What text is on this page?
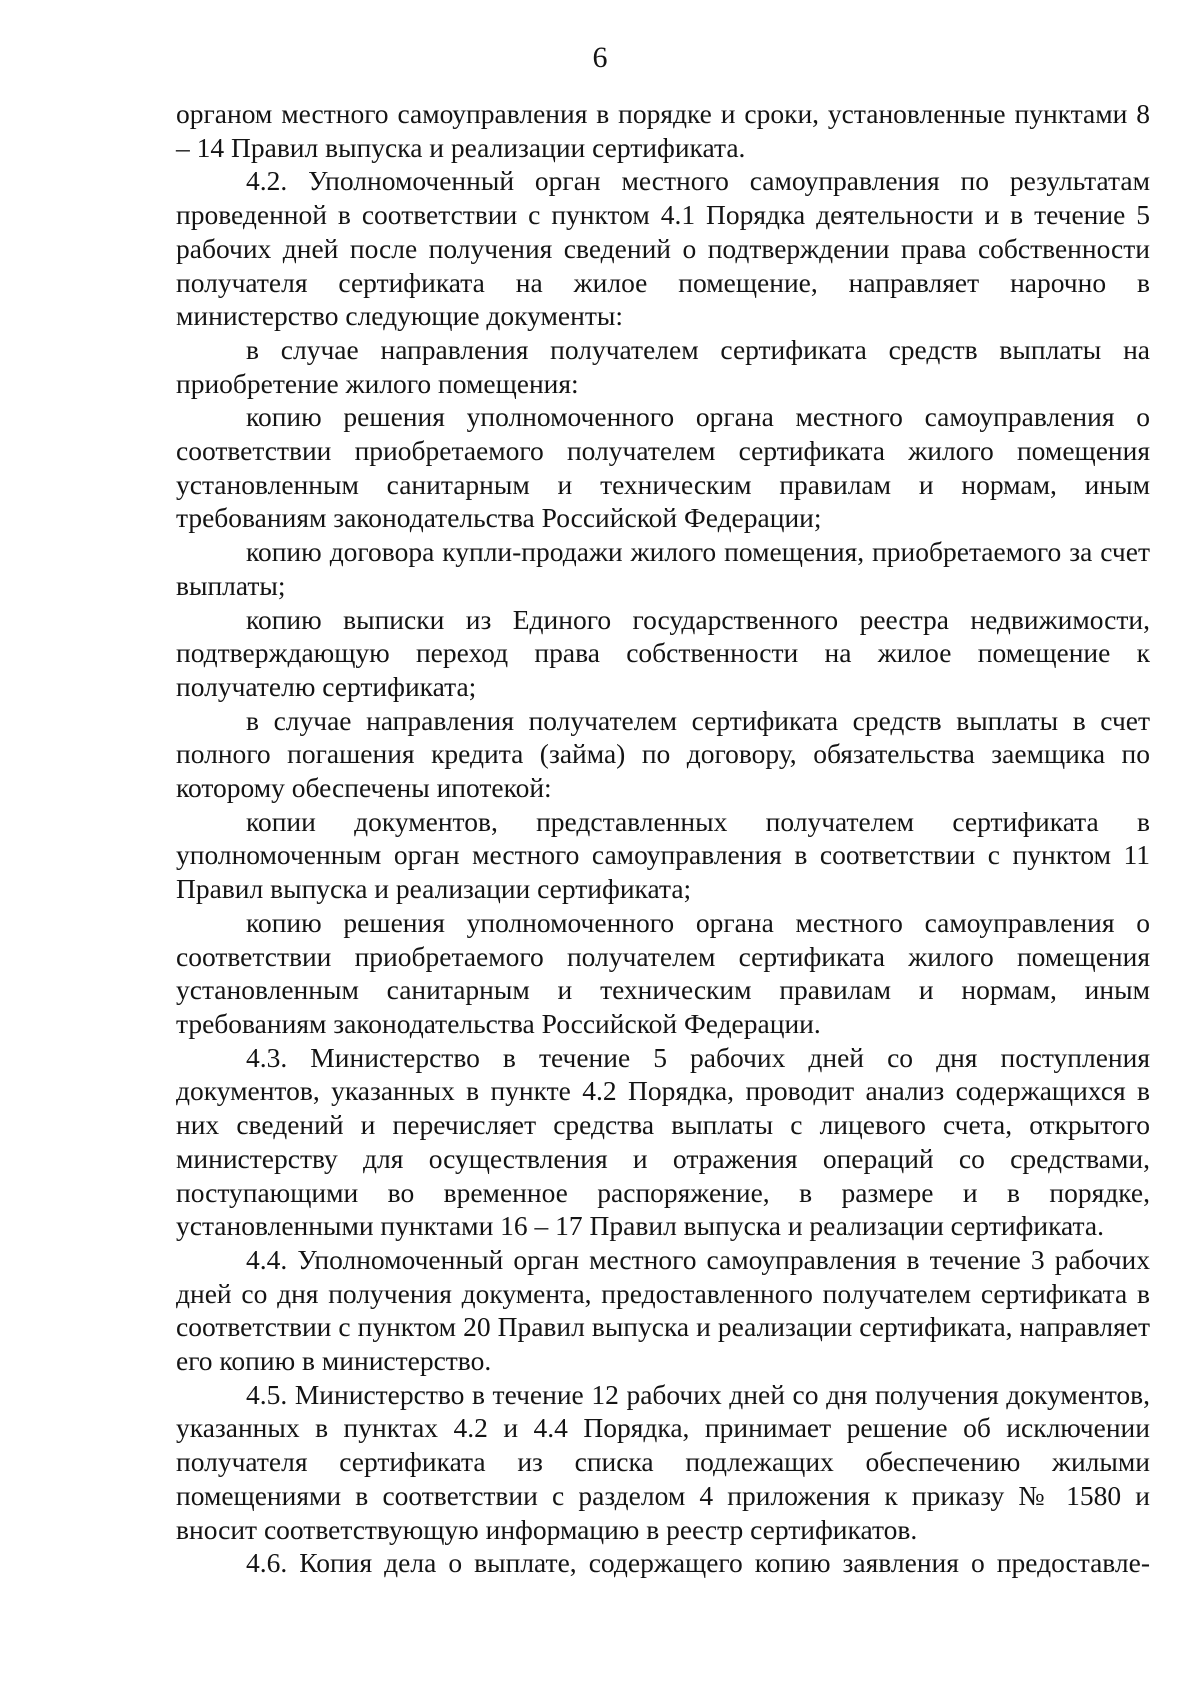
6

органом местного самоуправления в порядке и сроки, установленные пунктами 8 – 14 Правил выпуска и реализации сертификата.

4.2. Уполномоченный орган местного самоуправления по результатам проведенной в соответствии с пунктом 4.1 Порядка деятельности и в течение 5 рабочих дней после получения сведений о подтверждении права собственности получателя сертификата на жилое помещение, направляет нарочно в министерство следующие документы:

в случае направления получателем сертификата средств выплаты на приобретение жилого помещения:

копию решения уполномоченного органа местного самоуправления о соответствии приобретаемого получателем сертификата жилого помещения установленным санитарным и техническим правилам и нормам, иным требованиям законодательства Российской Федерации;

копию договора купли-продажи жилого помещения, приобретаемого за счет выплаты;

копию выписки из Единого государственного реестра недвижимости, подтверждающую переход права собственности на жилое помещение к получателю сертификата;

в случае направления получателем сертификата средств выплаты в счет полного погашения кредита (займа) по договору, обязательства заемщика по которому обеспечены ипотекой:

копии документов, представленных получателем сертификата в уполномоченным орган местного самоуправления в соответствии с пунктом 11 Правил выпуска и реализации сертификата;

копию решения уполномоченного органа местного самоуправления о соответствии приобретаемого получателем сертификата жилого помещения установленным санитарным и техническим правилам и нормам, иным требованиям законодательства Российской Федерации.

4.3. Министерство в течение 5 рабочих дней со дня поступления документов, указанных в пункте 4.2 Порядка, проводит анализ содержащихся в них сведений и перечисляет средства выплаты с лицевого счета, открытого министерству для осуществления и отражения операций со средствами, поступающими во временное распоряжение, в размере и в порядке, установленными пунктами 16 – 17 Правил выпуска и реализации сертификата.

4.4. Уполномоченный орган местного самоуправления в течение 3 рабочих дней со дня получения документа, предоставленного получателем сертификата в соответствии с пунктом 20 Правил выпуска и реализации сертификата, направляет его копию в министерство.

4.5. Министерство в течение 12 рабочих дней со дня получения документов, указанных в пунктах 4.2 и 4.4 Порядка, принимает решение об исключении получателя сертификата из списка подлежащих обеспечению жилыми помещениями в соответствии с разделом 4 приложения к приказу № 1580 и вносит соответствующую информацию в реестр сертификатов.

4.6. Копия дела о выплате, содержащего копию заявления о предоставле-
